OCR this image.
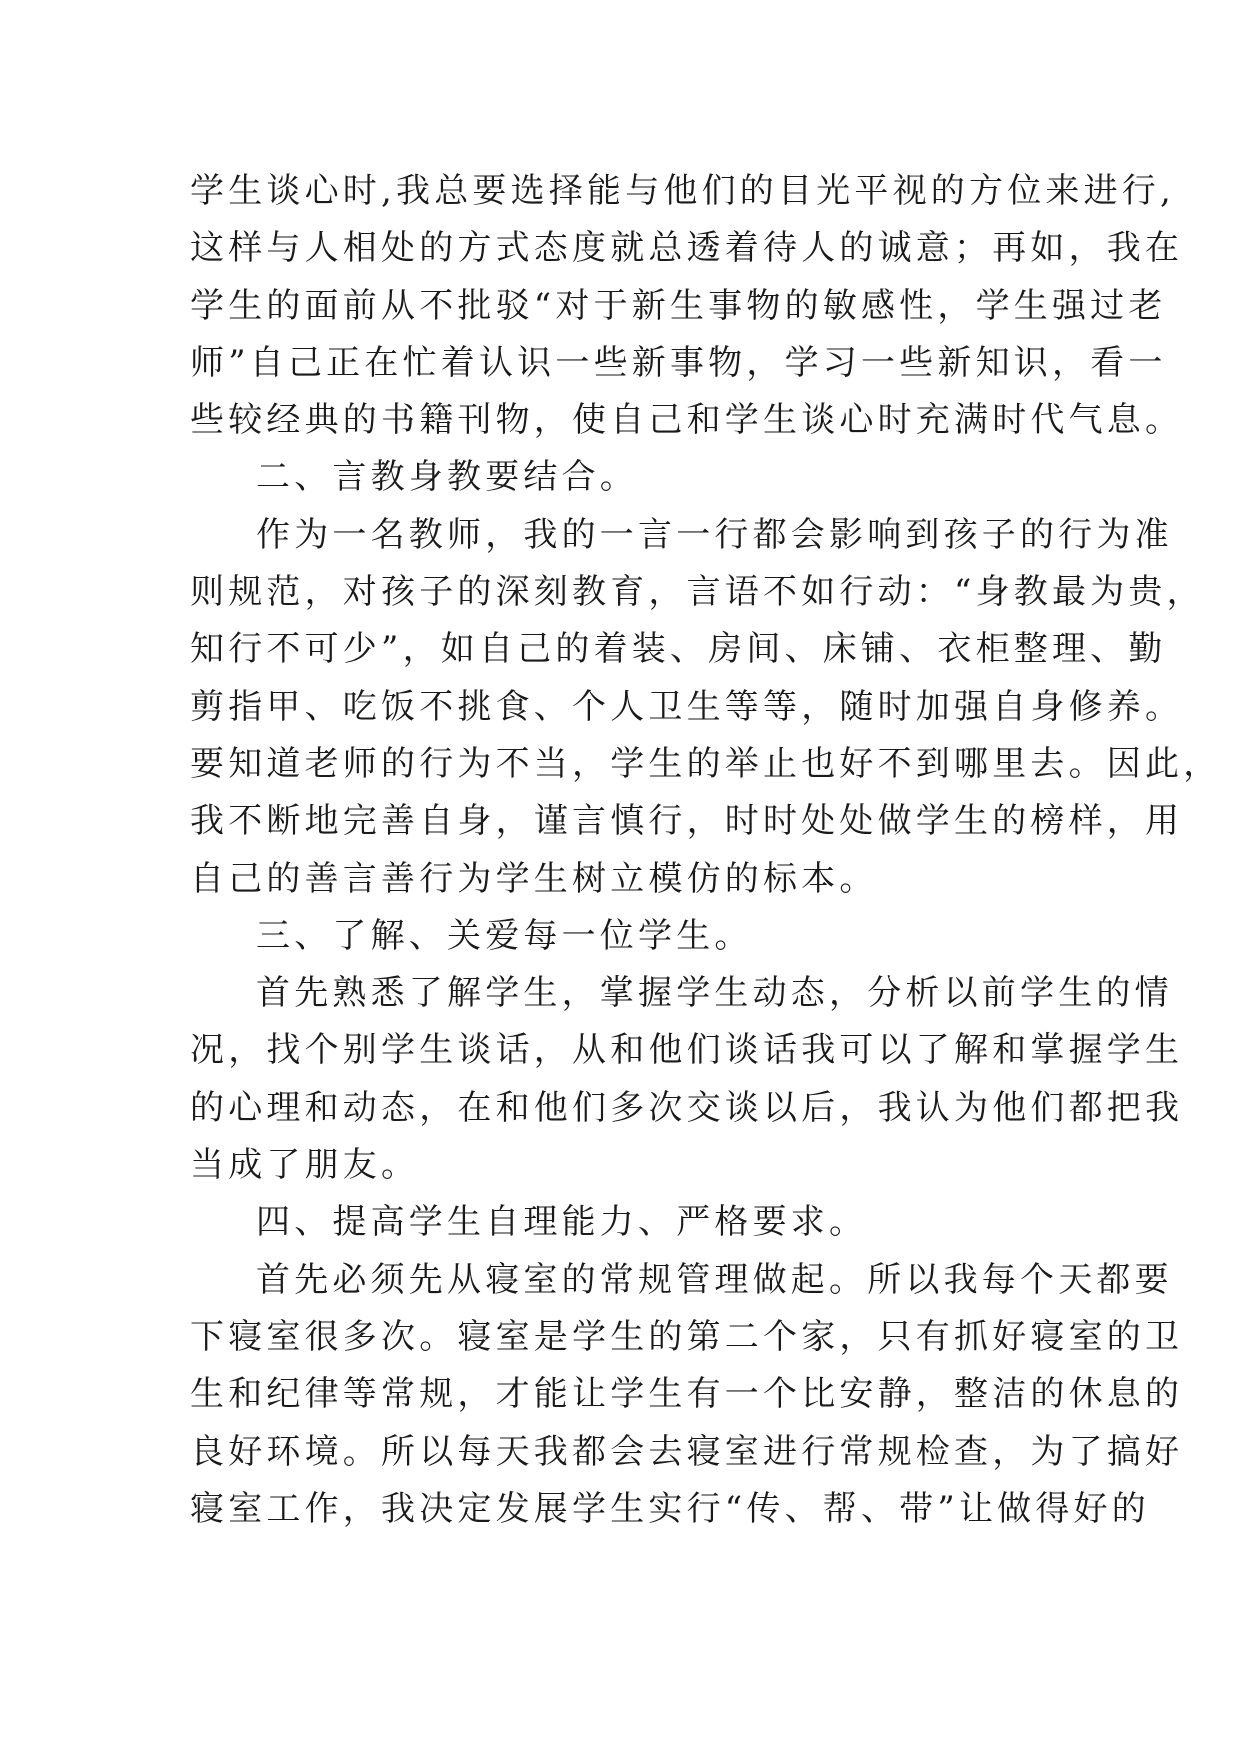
学生谈心时,我总要选择能与他们的目光平视的方位来进行,
这样与人相处的方式态度就总透着待人的诚意；再如，我在
学生的面前从不批驳“对于新生事物的敏感性，学生强过老
师”自己正在忙着认识一些新事物，学习一些新知识，看一
些较经典的书籍刊物，使自己和学生谈心时充满时代气息。
二、言教身教要结合。
作为一名教师，我的一言一行都会影响到孩子的行为准
则规范，对孩子的深刻教育，言语不如行动：“身教最为贵，
知行不可少”，如自己的着装、房间、床铺、衣柜整理、勤
剪指甲、吃饭不挑食、个人卫生等等，随时加强自身修养。
要知道老师的行为不当，学生的举止也好不到哪里去。因此，
我不断地完善自身，谨言慎行，时时处处做学生的榜样，用
自己的善言善行为学生树立模仿的标本。
三、了解、关爱每一位学生。
首先熟悉了解学生，掌握学生动态，分析以前学生的情
况，找个别学生谈话，从和他们谈话我可以了解和掌握学生
的心理和动态，在和他们多次交谈以后，我认为他们都把我
当成了朋友。
四、提高学生自理能力、严格要求。
首先必须先从寝室的常规管理做起。所以我每个天都要
下寝室很多次。寝室是学生的第二个家，只有抓好寝室的卫
生和纪律等常规，才能让学生有一个比安静，整洁的休息的
良好环境。所以每天我都会去寝室进行常规检查，为了搞好
寝室工作，我决定发展学生实行“传、帮、带”让做得好的
